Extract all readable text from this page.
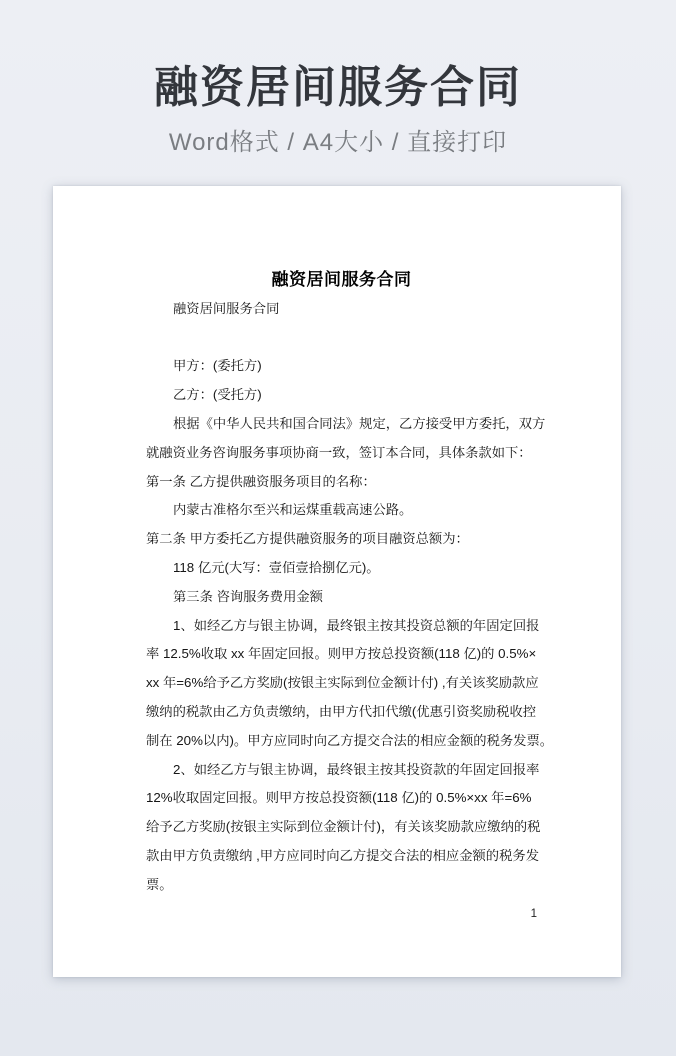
融资居间服务合同
Word格式 / A4大小 / 直接打印
融资居间服务合同
融资居间服务合同
甲方：(委托方)
乙方：(受托方)
根据《中华人民共和国合同法》规定，乙方接受甲方委托，双方
就融资业务咨询服务事项协商一致，签订本合同，具体条款如下：
第一条 乙方提供融资服务项目的名称：
内蒙古准格尔至兴和运煤重载高速公路。
第二条 甲方委托乙方提供融资服务的项目融资总额为：
118 亿元(大写：壹佰壹拾捌亿元)。
第三条 咨询服务费用金额
1、如经乙方与银主协调，最终银主按其投资总额的年固定回报
率 12.5%收取 xx 年固定回报。则甲方按总投资额(118 亿)的 0.5%×
xx 年=6%给予乙方奖励(按银主实际到位金额计付) ,有关该奖励款应
缴纳的税款由乙方负责缴纳，由甲方代扣代缴(优惠引资奖励税收控
制在 20%以内)。甲方应同时向乙方提交合法的相应金额的税务发票。
2、如经乙方与银主协调，最终银主按其投资款的年固定回报率
12%收取固定回报。则甲方按总投资额(118 亿)的 0.5%×xx 年=6%
给予乙方奖励(按银主实际到位金额计付)，有关该奖励款应缴纳的税
款由甲方负责缴纳 ,甲方应同时向乙方提交合法的相应金额的税务发
票。
1
